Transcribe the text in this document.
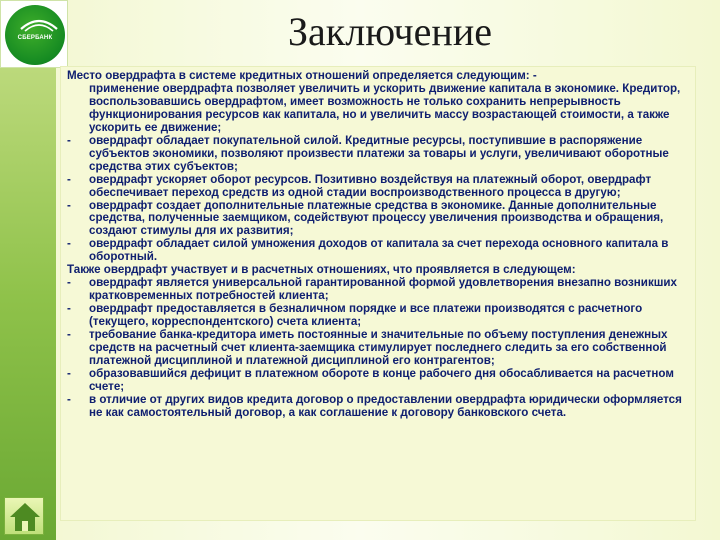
СБЕРБАНК	Заключение
Место овердрафта в системе кредитных отношений определяется следующим: -
применение овердрафта позволяет увеличить и ускорить движение капитала в экономике. Кредитор, воспользовавшись овердрафтом, имеет возможность не только сохранить непрерывность функционирования ресурсов как капитала, но и увеличить массу возрастающей стоимости, а также ускорить ее движение;
- овердрафт обладает покупательной силой. Кредитные ресурсы, поступившие в распоряжение субъектов экономики, позволяют произвести платежи за товары и услуги, увеличивают оборотные средства этих субъектов;
- овердрафт ускоряет оборот ресурсов. Позитивно воздействуя на платежный оборот, овердрафт обеспечивает переход средств из одной стадии воспроизводственного процесса в другую;
- овердрафт создает дополнительные платежные средства в экономике. Данные дополнительные средства, полученные заемщиком, содействуют процессу увеличения производства и обращения, создают стимулы для их развития;
- овердрафт обладает силой умножения доходов от капитала за счет перехода основного капитала в оборотный.
Также овердрафт участвует и в расчетных отношениях, что проявляется в следующем:
- овердрафт является универсальной гарантированной формой удовлетворения внезапно возникших кратковременных потребностей клиента;
- овердрафт предоставляется в безналичном порядке и все платежи производятся с расчетного (текущего, корреспондентского) счета клиента;
- требование банка-кредитора иметь постоянные и значительные по объему поступления денежных средств на расчетный счет клиента-заемщика стимулирует последнего следить за его собственной платежной дисциплиной и платежной дисциплиной его контрагентов;
- образовавшийся дефицит в платежном обороте в конце рабочего дня обосабливается на расчетном счете;
- в отличие от других видов кредита договор о предоставлении овердрафта юридически оформляется не как самостоятельный договор, а как соглашение к договору банковского счета.
